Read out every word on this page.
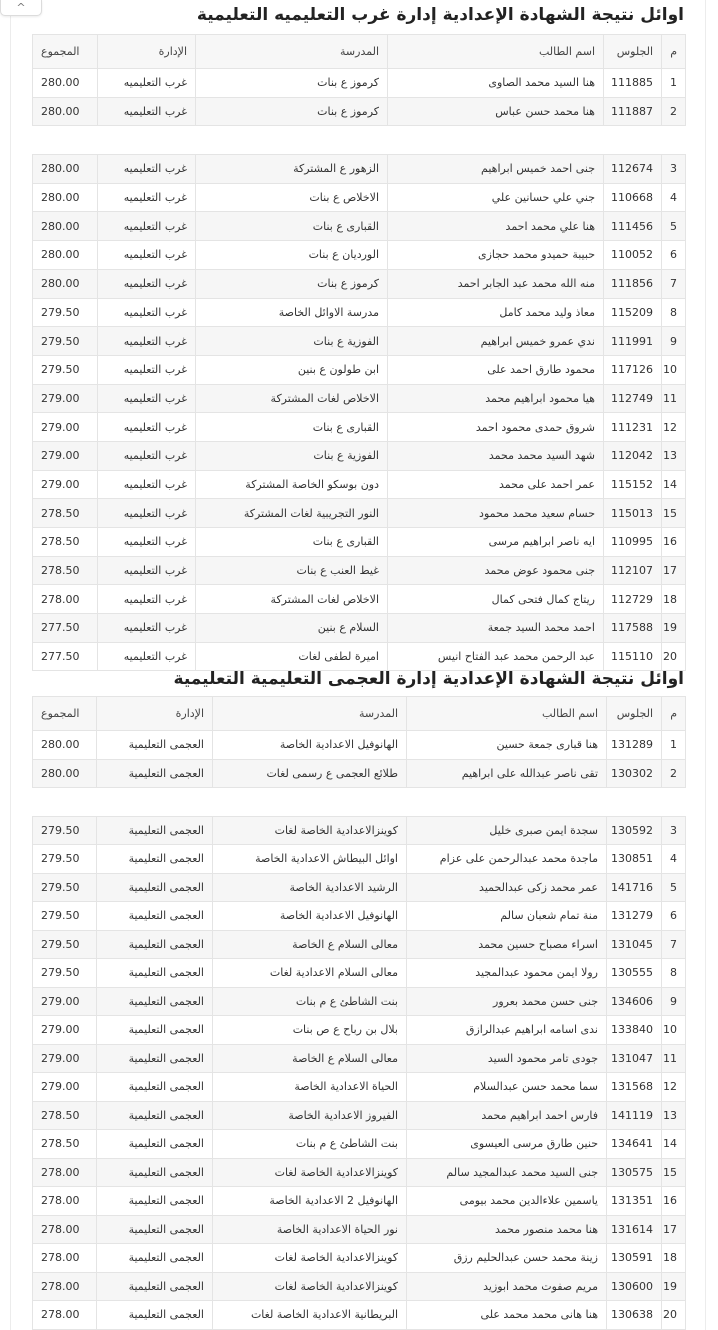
^	اوائل نتيجة الشهادة الإعدادية إدارة غرب التعليميه التعليمية
م	الجلوس	اسم الطالب	المدرسة	الإدارة	المجموع
1	111885	هنا السيد محمد الصاوى	كرموز ع بنات	غرب التعليميه	280.00
2	111887	هنا محمد حسن عباس	كرموز ع بنات	غرب التعليميه	280.00

3	112674	جنى احمد خميس ابراهيم	الزهور ع المشتركة	غرب التعليميه	280.00
4	110668	جني علي حسانين علي	الاخلاص ع بنات	غرب التعليميه	280.00
5	111456	هنا علي محمد احمد	القبارى ع بنات	غرب التعليميه	280.00
6	110052	حبيبة حميدو محمد حجازى	الورديان ع بنات	غرب التعليميه	280.00
7	111856	منه الله محمد عبد الجابر احمد	كرموز ع بنات	غرب التعليميه	280.00
8	115209	معاذ وليد محمد كامل	مدرسة الاوائل الخاصة	غرب التعليميه	279.50
9	111991	ندي عمرو خميس ابراهيم	الفوزية ع بنات	غرب التعليميه	279.50
10	117126	محمود طارق احمد على	ابن طولون ع بنين	غرب التعليميه	279.50
11	112749	هيا محمود ابراهيم محمد	الاخلاص لغات المشتركة	غرب التعليميه	279.00
12	111231	شروق حمدى محمود احمد	القبارى ع بنات	غرب التعليميه	279.00
13	112042	شهد السيد محمد محمد	الفوزية ع بنات	غرب التعليميه	279.00
14	115152	عمر احمد على محمد	دون بوسكو الخاصة المشتركة	غرب التعليميه	279.00
15	115013	حسام سعيد محمد محمود	النور التجريبية لغات المشتركة	غرب التعليميه	278.50
16	110995	ايه ناصر ابراهيم مرسى	القبارى ع بنات	غرب التعليميه	278.50
17	112107	جنى محمود عوض محمد	غيط العنب ع بنات	غرب التعليميه	278.50
18	112729	ريتاج كمال فتحى كمال	الاخلاص لغات المشتركة	غرب التعليميه	278.00
19	117588	احمد محمد السيد جمعة	السلام ع بنين	غرب التعليميه	277.50
20	115110	عبد الرحمن محمد عبد الفتاح انيس	اميرة لطفى لغات	غرب التعليميه	277.50
اوائل نتيجة الشهادة الإعدادية إدارة العجمى التعليمية التعليمية
م	الجلوس	اسم الطالب	المدرسة	الإدارة	المجموع
1	131289	هنا قبارى جمعة حسين	الهانوفيل الاعدادية الخاصة	العجمى التعليمية	280.00
2	130302	تقى ناصر عبدالله على ابراهيم	طلائع العجمى ع رسمى لغات	العجمى التعليمية	280.00

3	130592	سجدة ايمن صبرى خليل	كوينزالاعدادية الخاصة لغات	العجمى التعليمية	279.50
4	130851	ماجدة محمد عبدالرحمن على عزام	اوائل البيطاش الاعدادية الخاصة	العجمى التعليمية	279.50
5	141716	عمر محمد زكى عبدالحميد	الرشيد الاعدادية الخاصة	العجمى التعليمية	279.50
6	131279	منة تمام شعبان سالم	الهانوفيل الاعدادية الخاصة	العجمى التعليمية	279.50
7	131045	اسراء مصباح حسين محمد	معالى السلام ع الخاصة	العجمى التعليمية	279.50
8	130555	رولا ايمن محمود عبدالمجيد	معالى السلام الاعدادية لغات	العجمى التعليمية	279.50
9	134606	جنى حسن محمد بعرور	بنت الشاطئ ع م بنات	العجمى التعليمية	279.00
10	133840	ندى اسامه ابراهيم عبدالرازق	بلال بن رباح ع ص بنات	العجمى التعليمية	279.00
11	131047	جودى تامر محمود السيد	معالى السلام ع الخاصة	العجمى التعليمية	279.00
12	131568	سما محمد حسن عبدالسلام	الحياة الاعدادية الخاصة	العجمى التعليمية	279.00
13	141119	فارس احمد ابراهيم محمد	الفيروز الاعدادية الخاصة	العجمى التعليمية	278.50
14	134641	حنين طارق مرسى العيسوى	بنت الشاطئ ع م بنات	العجمى التعليمية	278.50
15	130575	جنى السيد محمد عبدالمجيد سالم	كوينزالاعدادية الخاصة لغات	العجمى التعليمية	278.00
16	131351	ياسمين علاءالدين محمد بيومى	الهانوفيل 2 الاعدادية الخاصة	العجمى التعليمية	278.00
17	131614	هنا محمد منصور محمد	نور الحياة الاعدادية الخاصة	العجمى التعليمية	278.00
18	130591	زينة محمد حسن عبدالحليم رزق	كوينزالاعدادية الخاصة لغات	العجمى التعليمية	278.00
19	130600	مريم صفوت محمد ابوزيد	كوينزالاعدادية الخاصة لغات	العجمى التعليمية	278.00
20	130638	هنا هانى محمد محمد على	البريطانية الاعدادية الخاصة لغات	العجمى التعليمية	278.00
